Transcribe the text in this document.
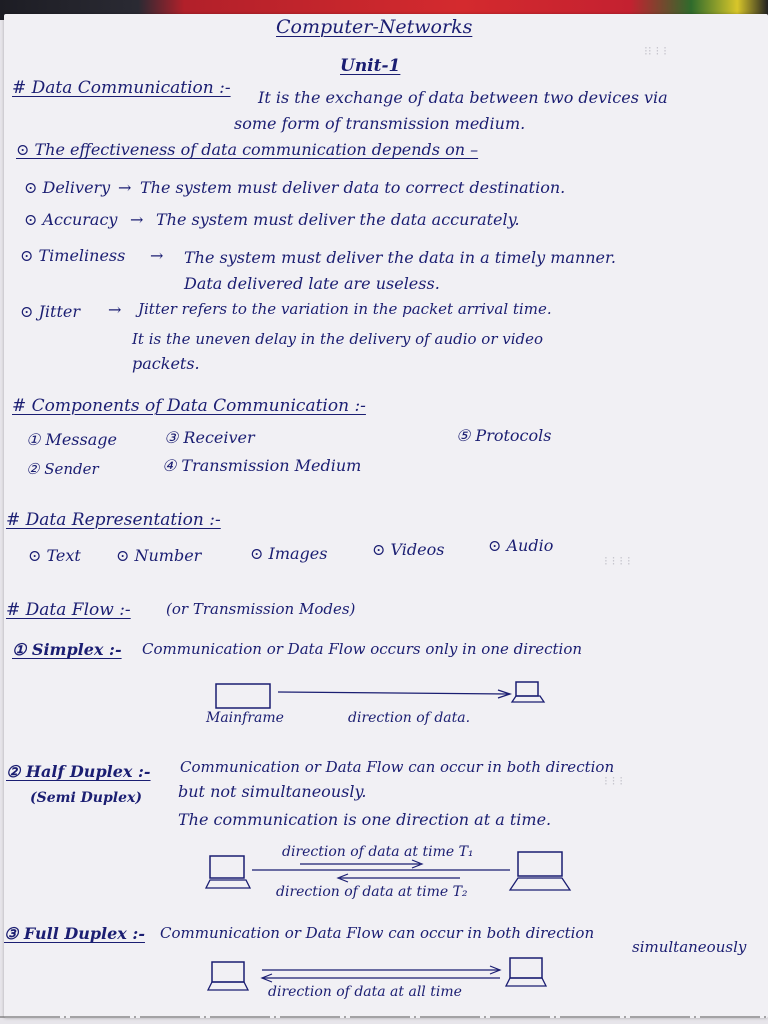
⁝⁝ ⁝ ⁝
⁝ ⁝ ⁝ ⁝
⁝ ⁝ ⁝
Computer-Networks
Unit-1
# Data Communication :- It is the exchange of data between two devices via
some form of transmission medium.
⊙ The effectiveness of data communication depends on –
⊙ Delivery → The system must deliver data to correct destination.
⊙ Accuracy → The system must deliver the data accurately.
⊙ Timeliness → The system must deliver the data in a timely manner.
Data delivered late are useless.
⊙ Jitter → Jitter refers to the variation in the packet arrival time.
It is the uneven delay in the delivery of audio or video
packets.
# Components of Data Communication :-
① Message
② Sender
③ Receiver
④ Transmission Medium
⑤ Protocols
# Data Representation :-
⊙ Text ⊙ Number	⊙ Images	⊙ Videos	⊙ Audio
# Data Flow :- (or Transmission Modes)
① Simplex :- Communication or Data Flow occurs only in one direction
Mainframe	direction of data.
② Half Duplex :-
(Semi Duplex)
Communication or Data Flow can occur in both direction
but not simultaneously.
The communication is one direction at a time.
direction of data at time T₁
direction of data at time T₂
③ Full Duplex :- Communication or Data Flow can occur in both direction
simultaneously
direction of data at all time
